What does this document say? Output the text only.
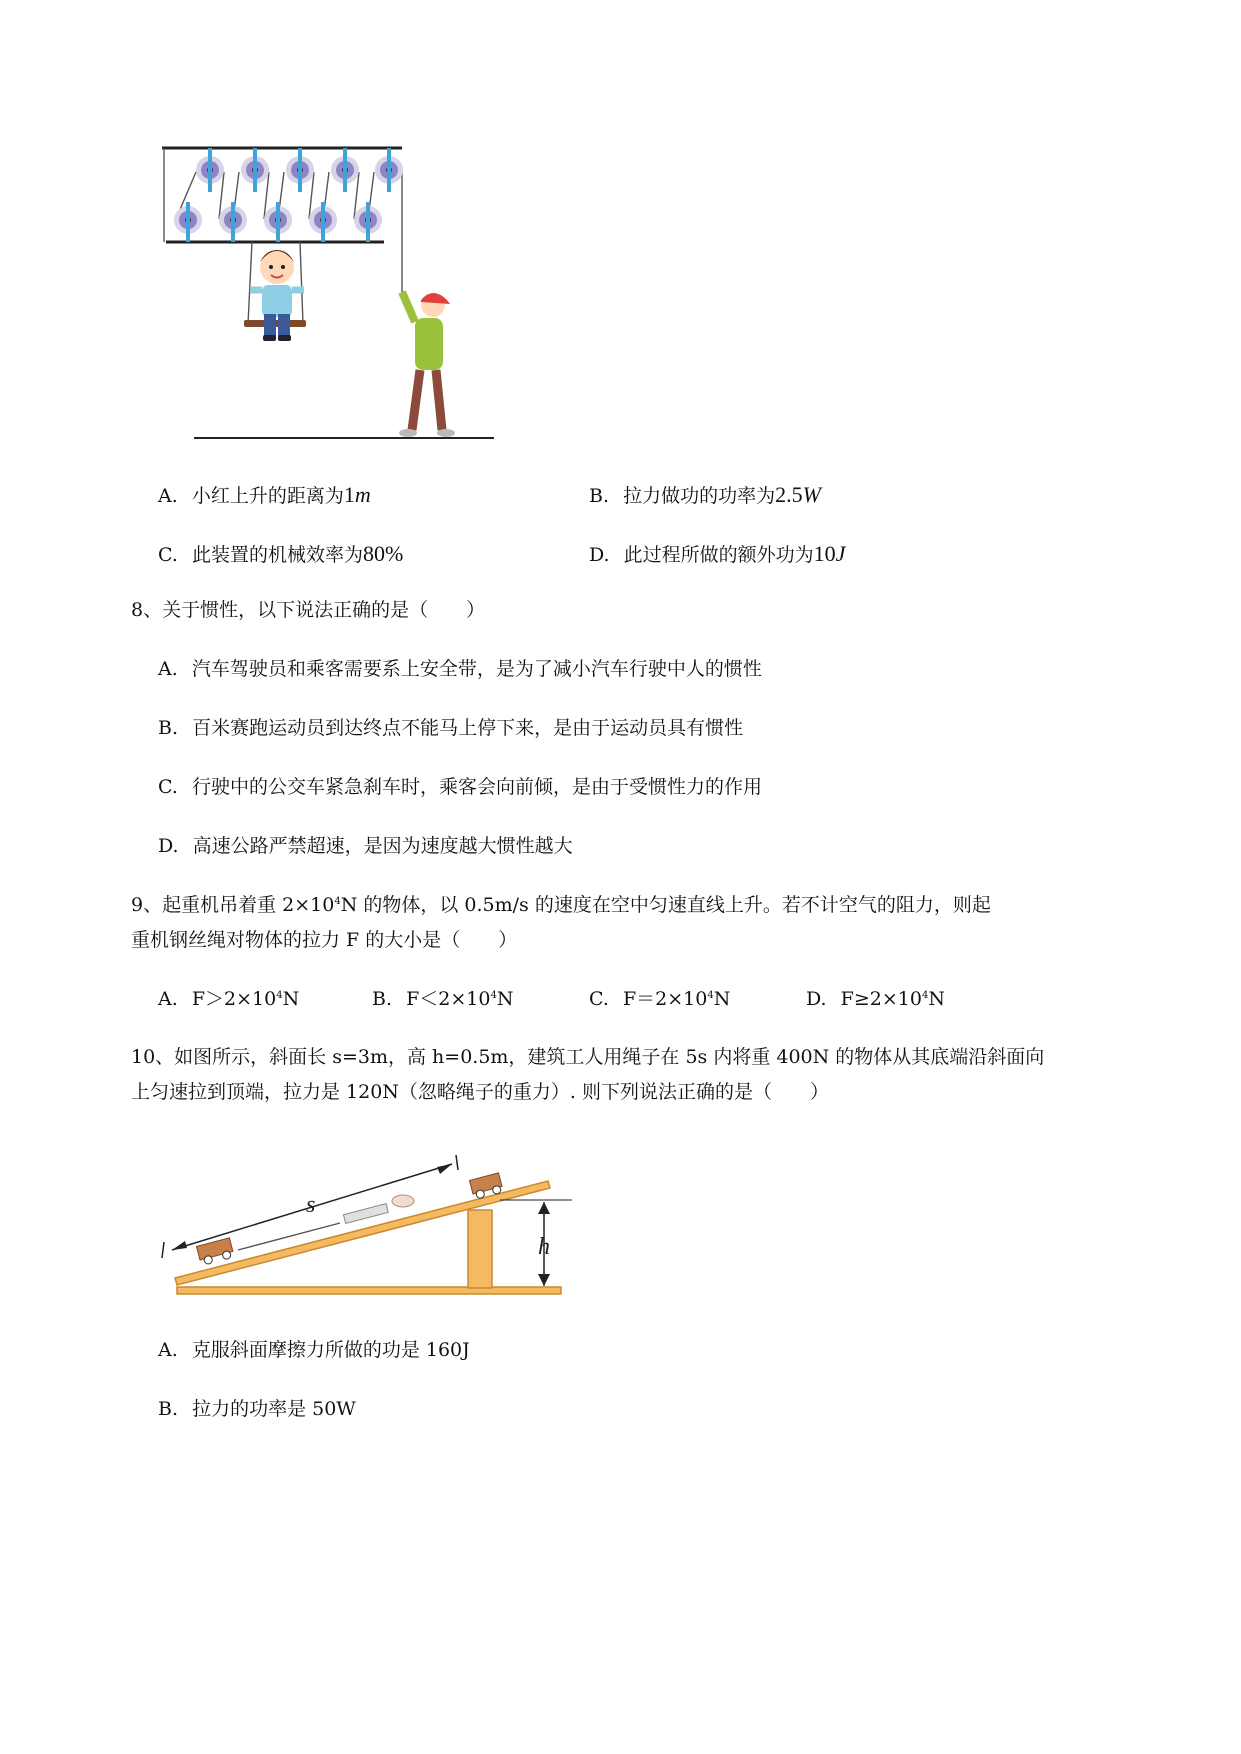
A. 小红上升的距离为1m	B. 拉力做功的功率为2.5W
C. 此装置的机械效率为80%	D. 此过程所做的额外功为10J
8、关于惯性，以下说法正确的是（　　）
A. 汽车驾驶员和乘客需要系上安全带，是为了减小汽车行驶中人的惯性
B. 百米赛跑运动员到达终点不能马上停下来，是由于运动员具有惯性
C. 行驶中的公交车紧急刹车时，乘客会向前倾，是由于受惯性力的作用
D. 高速公路严禁超速，是因为速度越大惯性越大
9、起重机吊着重 $2\times 10^4N$ 的物体，以 0.5m/s 的速度在空中匀速直线上升。若不计空气的阻力，则起
重机钢丝绳对物体的拉力 F 的大小是（　　）
A. $F>2\times 10^4N$	B. $F<2\times 10^4N$	C. $F=2\times 10^4N$	D. $F\ge 2\times 10^4N$
10、如图所示，斜面长 s=3m，高 h=0.5m，建筑工人用绳子在 5s 内将重 400N 的物体从其底端沿斜面向
上匀速拉到顶端，拉力是 120N（忽略绳子的重力）. 则下列说法正确的是（　　）
s
h
A. 克服斜面摩擦力所做的功是 160J
B. 拉力的功率是 50W
